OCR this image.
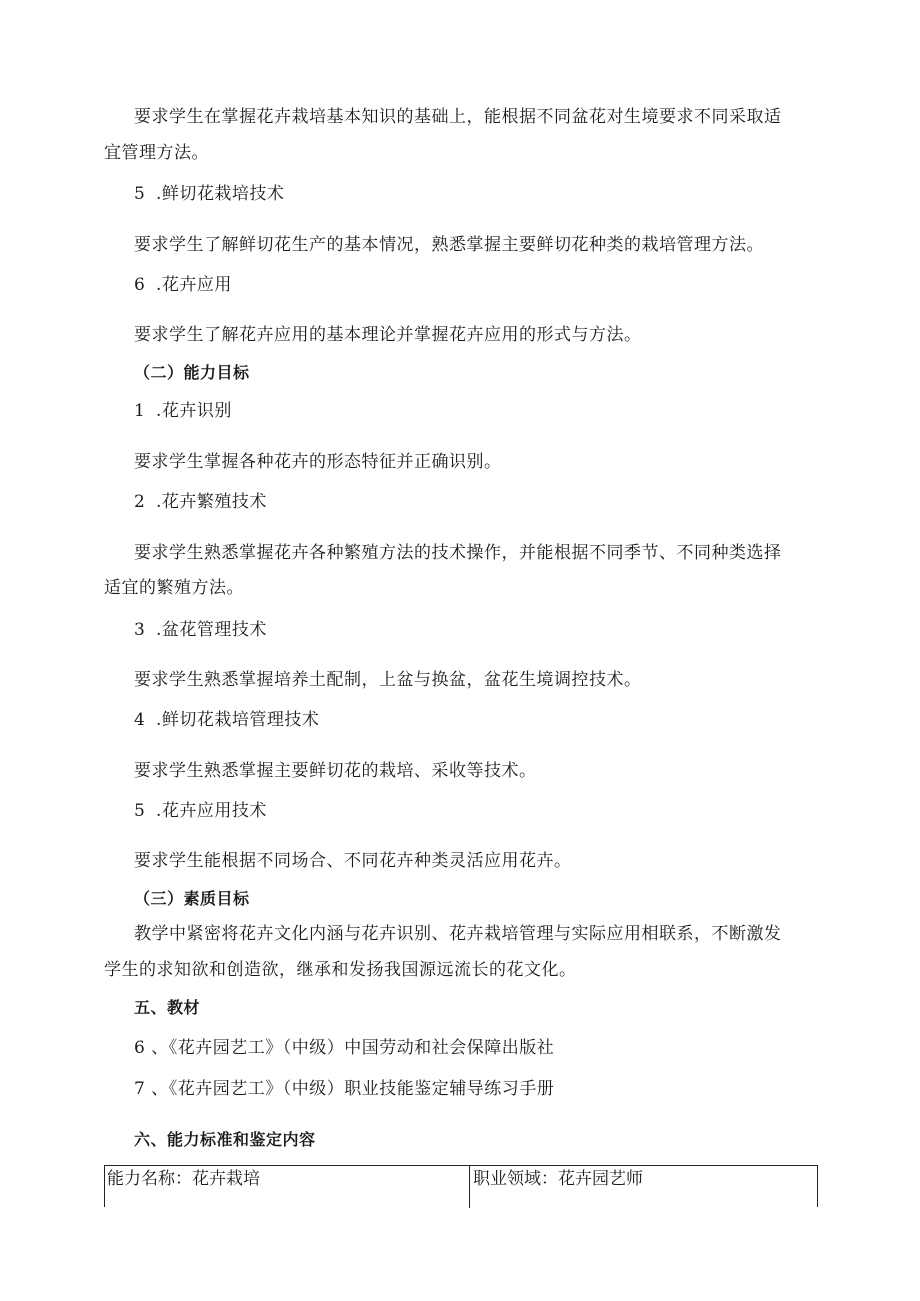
要求学生在掌握花卉栽培基本知识的基础上，能根据不同盆花对生境要求不同采取适
宜管理方法。
5 .鲜切花栽培技术
要求学生了解鲜切花生产的基本情况，熟悉掌握主要鲜切花种类的栽培管理方法。
6 .花卉应用
要求学生了解花卉应用的基本理论并掌握花卉应用的形式与方法。
（二）能力目标
1 .花卉识别
要求学生掌握各种花卉的形态特征并正确识别。
2 .花卉繁殖技术
要求学生熟悉掌握花卉各种繁殖方法的技术操作，并能根据不同季节、不同种类选择
适宜的繁殖方法。
3 .盆花管理技术
要求学生熟悉掌握培养土配制，上盆与换盆，盆花生境调控技术。
4 .鲜切花栽培管理技术
要求学生熟悉掌握主要鲜切花的栽培、采收等技术。
5 .花卉应用技术
要求学生能根据不同场合、不同花卉种类灵活应用花卉。
（三）素质目标
教学中紧密将花卉文化内涵与花卉识别、花卉栽培管理与实际应用相联系，不断激发
学生的求知欲和创造欲，继承和发扬我国源远流长的花文化。
五、教材
6 、《花卉园艺工》（中级）中国劳动和社会保障出版社
7 、《花卉园艺工》（中级）职业技能鉴定辅导练习手册
六、能力标准和鉴定内容
能力名称：花卉栽培	职业领域：花卉园艺师
